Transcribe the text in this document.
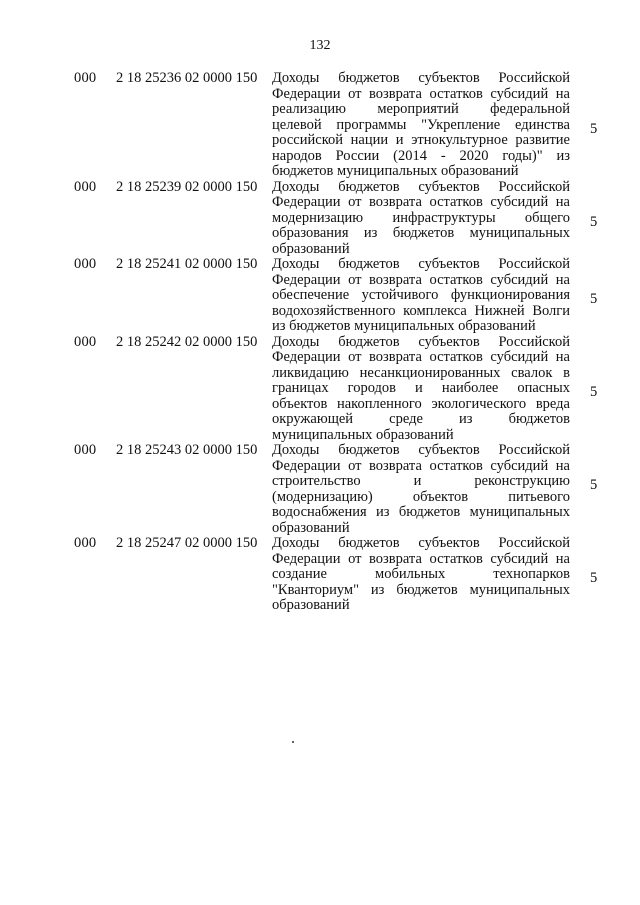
132
000	2 18 25236 02 0000 150	Доходы бюджетов субъектов Российской
Федерации от возврата остатков субсидий на
реализацию мероприятий федеральной
целевой программы "Укрепление единства
российской нации и этнокультурное развитие
народов России (2014 - 2020 годы)" из
бюджетов муниципальных образований
5
000	2 18 25239 02 0000 150	Доходы бюджетов субъектов Российской
Федерации от возврата остатков субсидий на
модернизацию инфраструктуры общего
образования из бюджетов муниципальных
образований
5
000	2 18 25241 02 0000 150	Доходы бюджетов субъектов Российской
Федерации от возврата остатков субсидий на
обеспечение устойчивого функционирования
водохозяйственного комплекса Нижней Волги
из бюджетов муниципальных образований
5
000	2 18 25242 02 0000 150	Доходы бюджетов субъектов Российской
Федерации от возврата остатков субсидий на
ликвидацию несанкционированных свалок в
границах городов и наиболее опасных
объектов накопленного экологического вреда
окружающей среде из бюджетов
муниципальных образований
5
000	2 18 25243 02 0000 150	Доходы бюджетов субъектов Российской
Федерации от возврата остатков субсидий на
строительство и реконструкцию
(модернизацию) объектов питьевого
водоснабжения из бюджетов муниципальных
образований
5
000	2 18 25247 02 0000 150	Доходы бюджетов субъектов Российской
Федерации от возврата остатков субсидий на
создание мобильных технопарков
"Кванториум" из бюджетов муниципальных
образований
5
